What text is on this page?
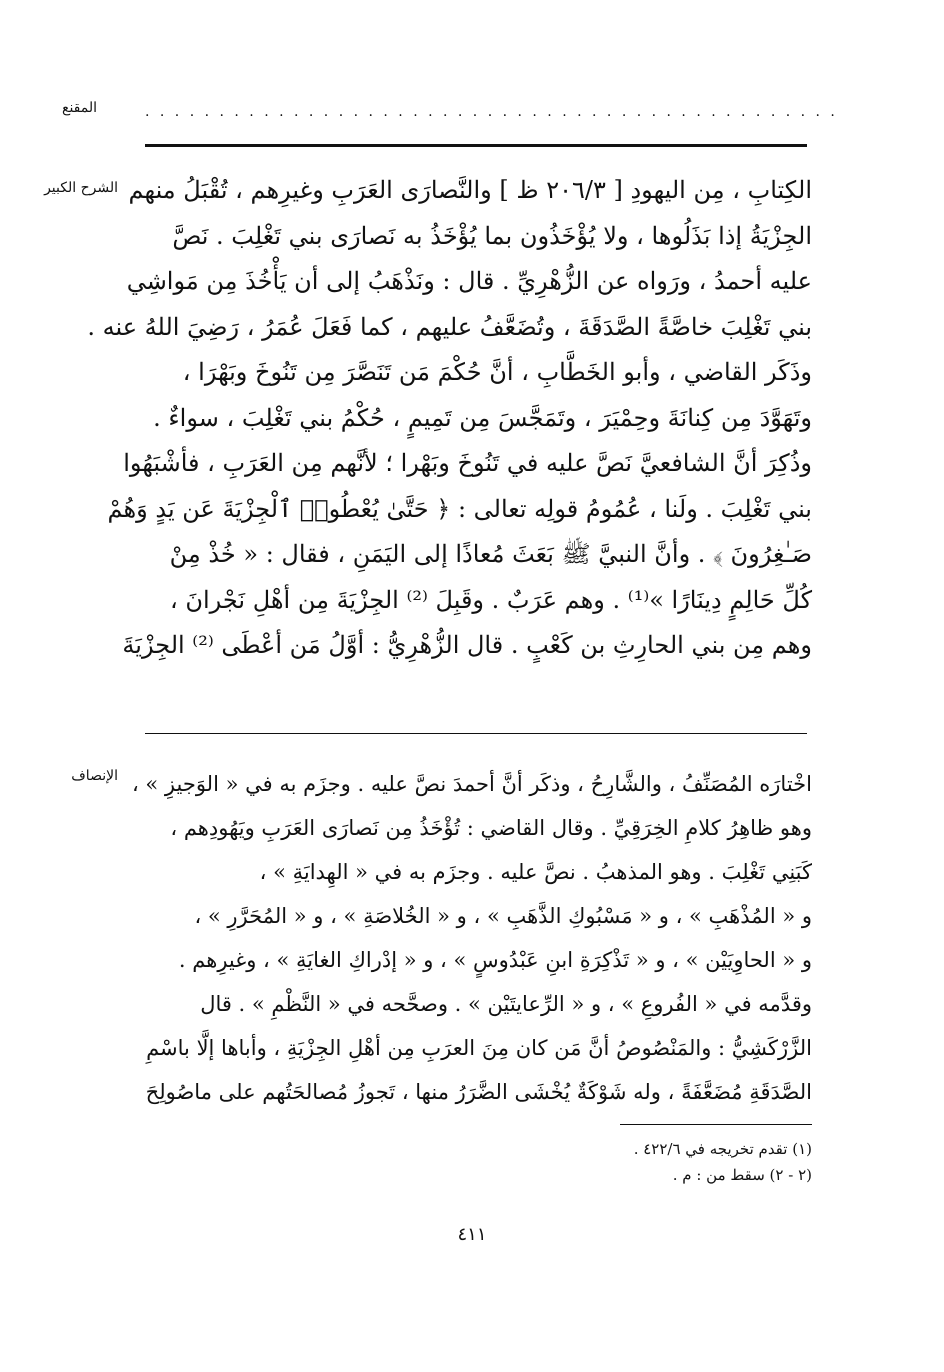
المقنع	. . . . . . . . . . . . . . . . . . . . . . . . . . . . . . . . . . . . . . . . . . . . . . .
الشرح الكبير الكِتابِ ، مِن اليهودِ [ ٢٠٦/٣ ظ ] والنَّصارَى العَرَبِ وغيرِهم ، تُقْبَلُ منهم
الجِزْيَةُ إذا بَذَلُوها ، ولا يُؤْخَذُون بما يُؤْخَذُ به نَصارَى بني تَغْلِبَ . نَصَّ
عليه أحمدُ ، ورَواه عن الزُّهْرِيِّ . قال : ونَذْهَبُ إلى أن يَأْخُذَ مِن مَواشِي
بني تَغْلِبَ خاصَّةً الصَّدَقَةَ ، وتُضَعَّفُ عليهم ، كما فَعَلَ عُمَرُ ، رَضِيَ اللهُ عنه .
وذَكَر القاضي ، وأبو الخَطَّابِ ، أنَّ حُكْمَ مَن تَنَصَّرَ مِن تَنُوخَ وبَهْرَا ،
وتَهَوَّدَ مِن كِنانَةَ وحِمْيَرَ ، وتَمَجَّسَ مِن تَمِيمٍ ، حُكْمُ بني تَغْلِبَ ، سواءٌ .
وذُكِرَ أنَّ الشافعيَّ نَصَّ عليه في تَنُوخَ وبَهْرا ؛ لأنَّهم مِن العَرَبِ ، فأشْبَهُوا
بني تَغْلِبَ . ولَنا ، عُمُومُ قولِه تعالى : ﴿ حَتَّىٰ يُعْطُوا۟ ٱلْجِزْيَةَ عَن يَدٍ وَهُمْ
صَـٰغِرُونَ ﴾ . وأنَّ النبيَّ ﷺ بَعَثَ مُعاذًا إلى اليَمَنِ ، فقال : « خُذْ مِنْ
كُلِّ حَالِمٍ دِينَارًا »⁽¹⁾ . وهم عَرَبٌ . وقَبِلَ ⁽²⁾ الجِزْيَةَ مِن أهْلِ نَجْرانَ ،
وهم مِن بني الحارِثِ بن كَعْبٍ . قال الزُّهْرِيُّ : أوَّلُ مَن أعْطَى ⁽²⁾ الجِزْيَةَ
الإنصاف اخْتارَه المُصَنِّفُ ، والشَّارِحُ ، وذكَر أنَّ أحمدَ نصَّ عليه . وجزَم به في « الوَجيزِ » ،
وهو ظاهِرُ كلامِ الخِرَقِيِّ . وقال القاضي : تُؤْخَذُ مِن نَصارَى العَرَبِ ويَهُودِهم ،
كَبَنِي تَغْلِبَ . وهو المذهبُ . نصَّ عليه . وجزَم به في « الهِدايَةِ » ،
و « المُذْهَبِ » ، و « مَسْبُوكِ الذَّهَبِ » ، و « الخُلاصَةِ » ، و « المُحَرَّرِ » ،
و « الحاوِيَيْن » ، و « تَذْكِرَةِ ابنِ عَبْدُوسٍ » ، و « إدْراكِ الغايَةِ » ، وغيرِهم .
وقدَّمه في « الفُروعِ » ، و « الرِّعايتَيْن » . وصحَّحه في « النَّظْمِ » . قال
الزَّرْكَشِيُّ : والمَنْصُوصُ أنَّ مَن كان مِنَ العرَبِ مِن أهْلِ الجِزْيَةِ ، وأباها إلَّا باسْمِ
الصَّدَقَةِ مُضَعَّفَةً ، وله شَوْكَةٌ يُخْشَى الضَّرَرُ منها ، تَجوزُ مُصالحَتُهم على ماصُولِحَ
(١) تقدم تخريجه في ٤٢٢/٦ .
(٢ - ٢) سقط من : م .
٤١١
